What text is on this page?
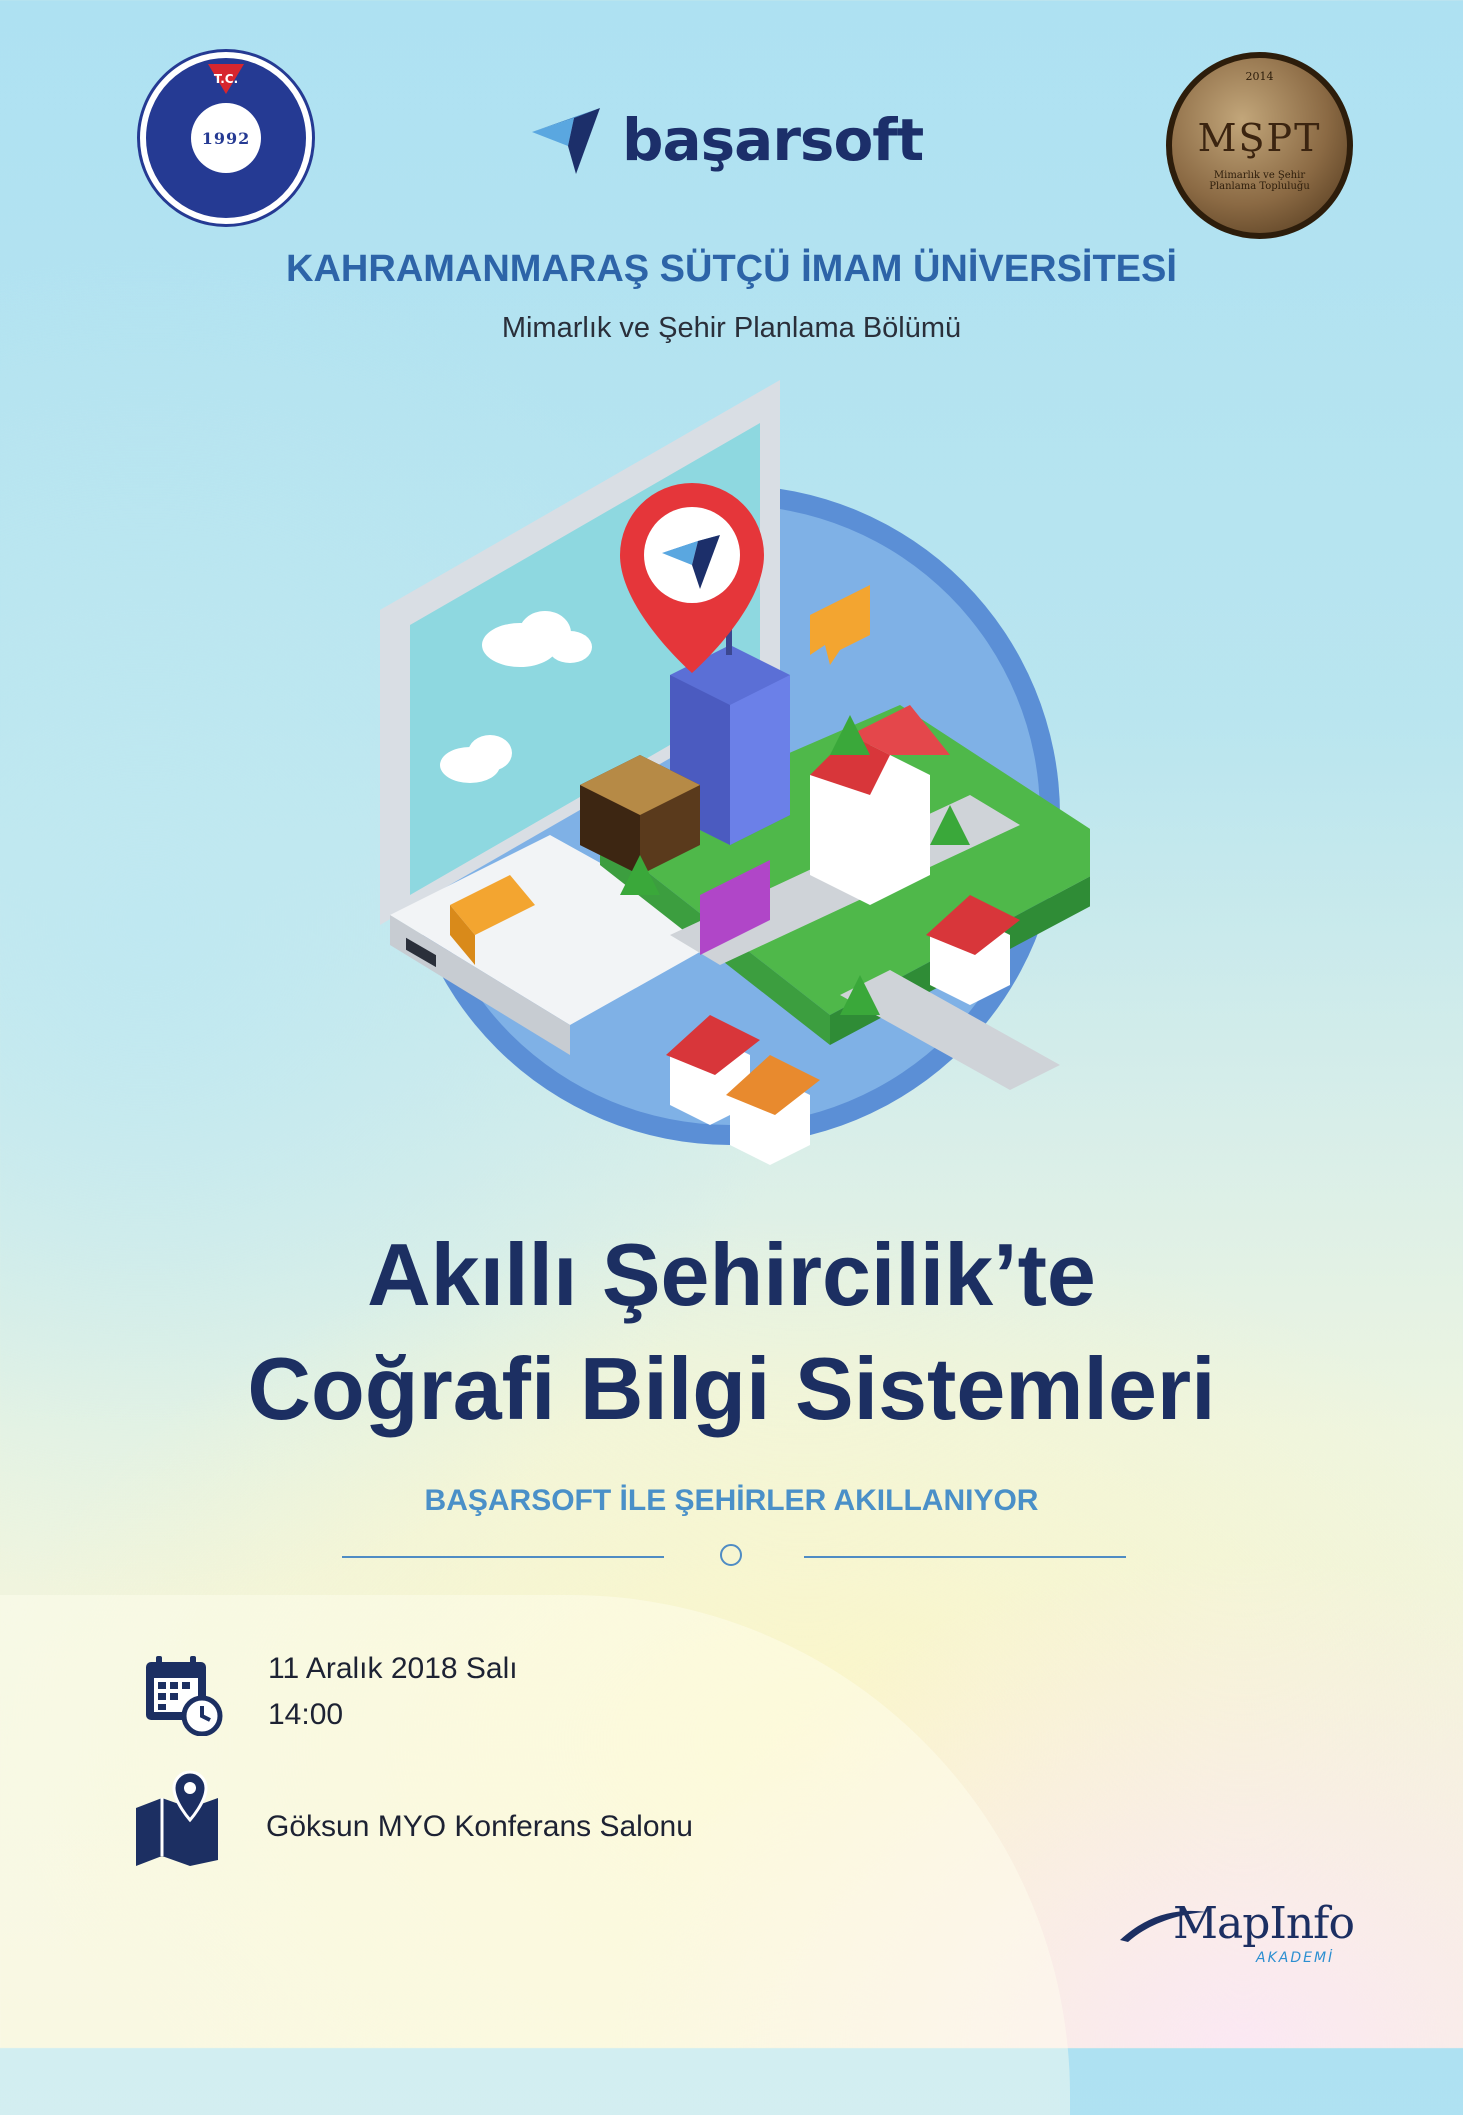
T.C.
1992
2014
MŞPT
Mimarlık ve Şehir Planlama Topluluğu
başarsoft
KAHRAMANMARAŞ SÜTÇÜ İMAM ÜNİVERSİTESİ
Mimarlık ve Şehir Planlama Bölümü
Akıllı Şehircilik’te
Coğrafi Bilgi Sistemleri
BAŞARSOFT İLE ŞEHİRLER AKILLANIYOR
11 Aralık 2018 Salı
14:00
Göksun MYO Konferans Salonu
MapInfo
AKADEMİ
